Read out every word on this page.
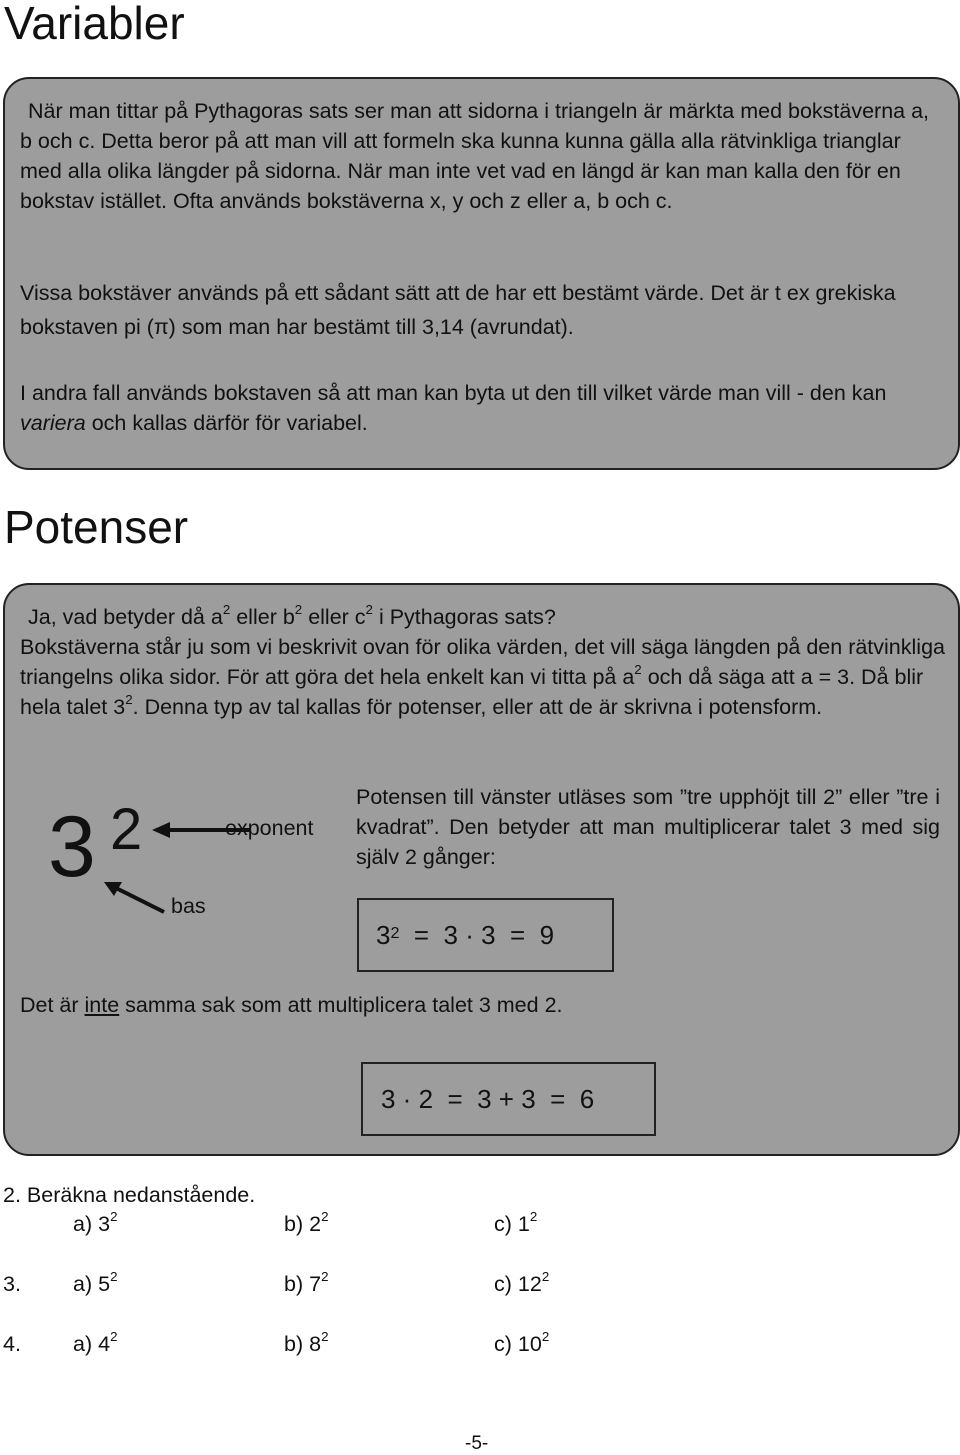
Variabler

När man tittar på Pythagoras sats ser man att sidorna i triangeln är märkta med bokstäverna a, b och c. Detta beror på att man vill att formeln ska kunna kunna gälla alla rätvinkliga trianglar med alla olika längder på sidorna. När man inte vet vad en längd är kan man kalla den för en bokstav istället. Ofta används bokstäverna x, y och z eller a, b och c.

Vissa bokstäver används på ett sådant sätt att de har ett bestämt värde. Det är t ex grekiska bokstaven pi (π) som man har bestämt till 3,14 (avrundat).

I andra fall används bokstaven så att man kan byta ut den till vilket värde man vill - den kan variera och kallas därför för variabel.

Potenser

Ja, vad betyder då $a^2$ eller $b^2$ eller $c^2$ i Pythagoras sats?

Bokstäverna står ju som vi beskrivit ovan för olika värden, det vill säga längden på den rätvinkliga triangelns olika sidor. För att göra det hela enkelt kan vi titta på $a^2$ och då säga att a = 3. Då blir hela talet $3^2$. Denna typ av tal kallas för potenser, eller att de är skrivna i potensform.

3 2	exponent
bas

Potensen till vänster utläses som ”tre upphöjt till 2” eller ”tre i kvadrat”. Den betyder att man multiplicerar talet 3 med sig själv 2 gånger:

$3^2 = 3 \cdot 3 = 9$

Det är inte samma sak som att multiplicera talet 3 med 2.

3 · 2  =  3 + 3  =  6
2. Beräkna nedanstående.
a) $3^2$	b) $2^2$	c) $1^2$
3. a) $5^2$	b) $7^2$	c) $12^2$
4. a) $4^2$	b) $8^2$	c) $10^2$
-5-
